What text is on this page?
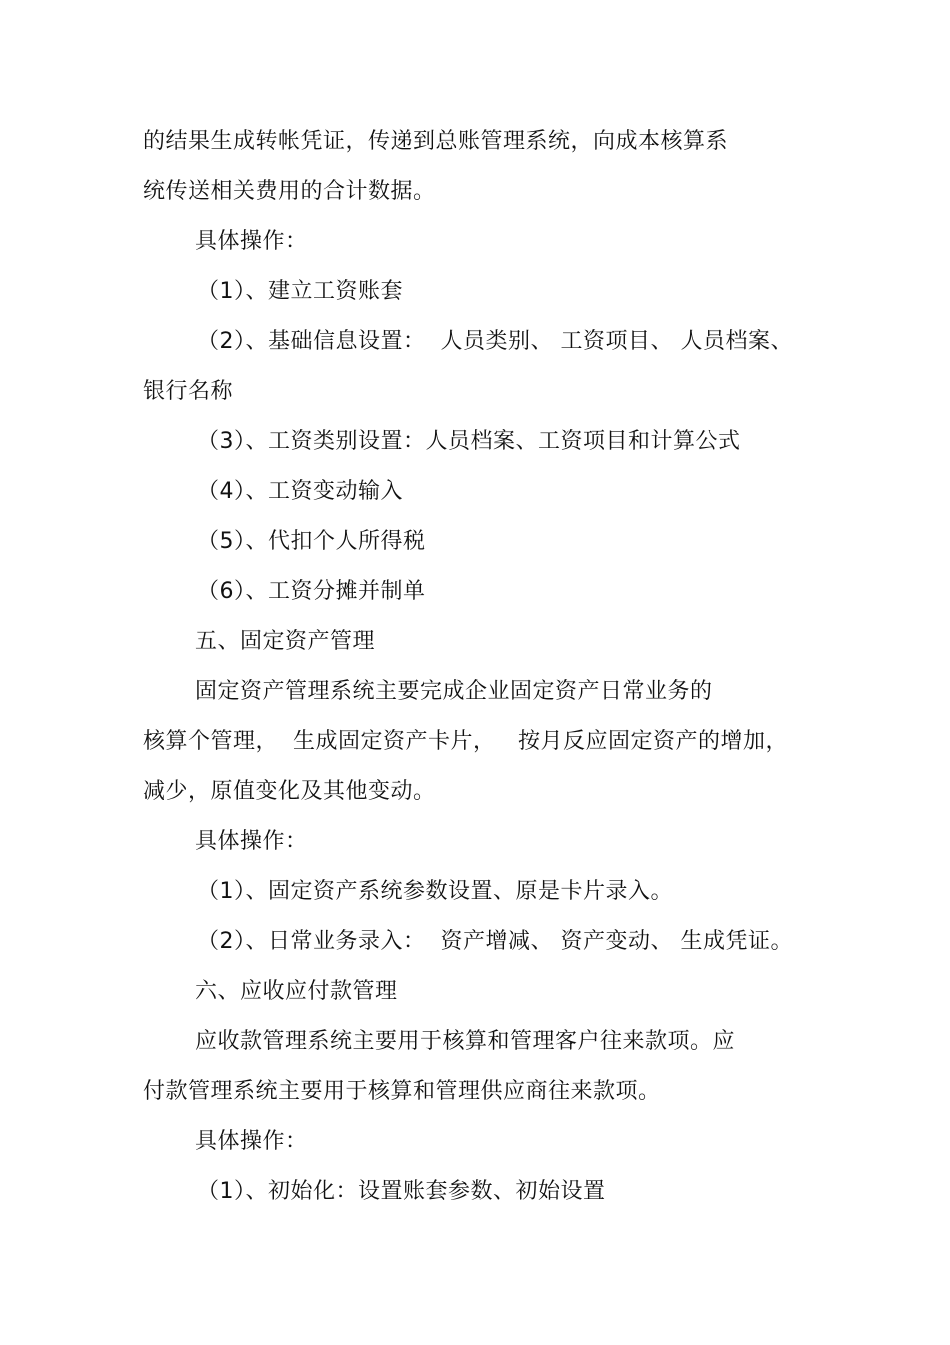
的结果生成转帐凭证，传递到总账管理系统，向成本核算系
统传送相关费用的合计数据。
具体操作：
（1）、建立工资账套
（2）、基础信息设置：  人员类别、 工资项目、 人员档案、
银行名称
（3）、工资类别设置：人员档案、工资项目和计算公式
（4）、工资变动输入
（5）、代扣个人所得税
（6）、工资分摊并制单
五、固定资产管理
固定资产管理系统主要完成企业固定资产日常业务的
核算个管理，  生成固定资产卡片，   按月反应固定资产的增加，
减少，原值变化及其他变动。
具体操作：
（1）、固定资产系统参数设置、原是卡片录入。
（2）、日常业务录入：  资产增减、 资产变动、 生成凭证。
六、应收应付款管理
应收款管理系统主要用于核算和管理客户往来款项。应
付款管理系统主要用于核算和管理供应商往来款项。
具体操作：
（1）、初始化：设置账套参数、初始设置
